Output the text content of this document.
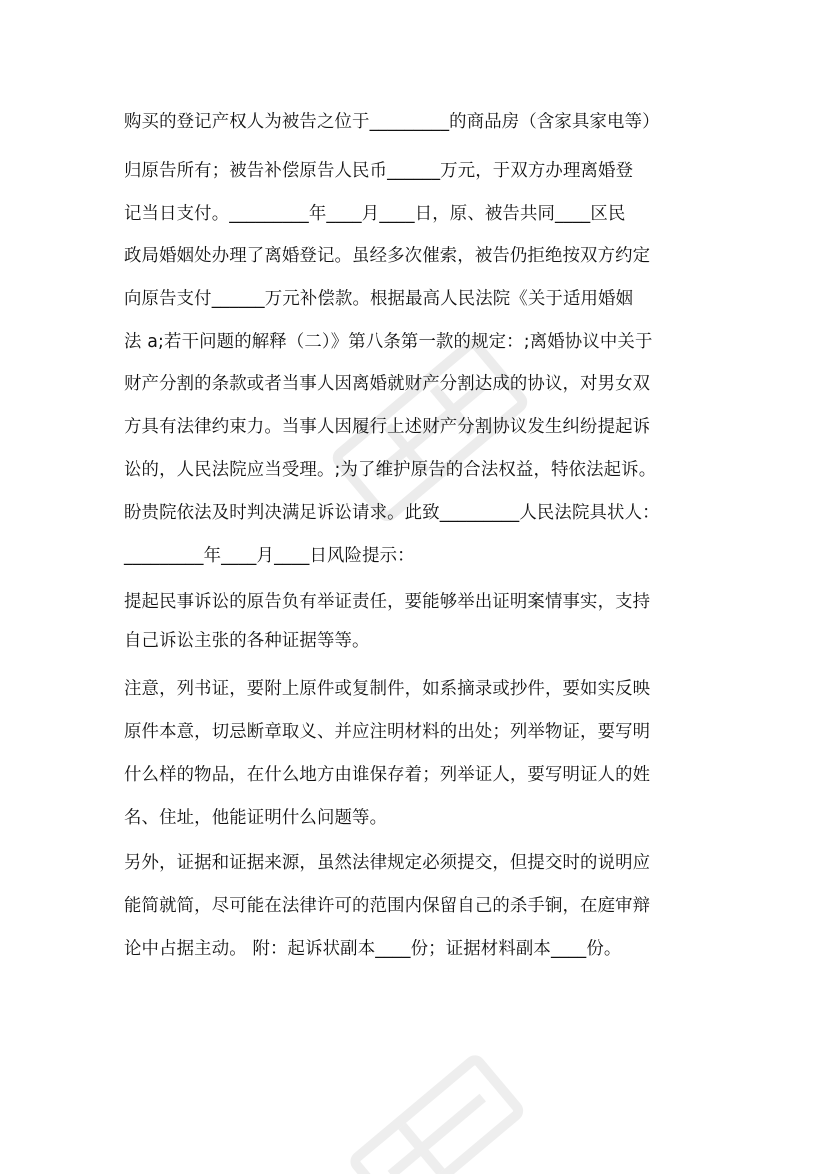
购买的登记产权人为被告之位于_________的商品房（含家具家电等）

归原告所有；被告补偿原告人民币______万元，于双方办理离婚登

记当日支付。_________年____月____日，原、被告共同____区民

政局婚姻处办理了离婚登记。虽经多次催索，被告仍拒绝按双方约定

向原告支付______万元补偿款。根据最高人民法院《关于适用婚姻

法 a;若干问题的解释（二）》第八条第一款的规定：;离婚协议中关于

财产分割的条款或者当事人因离婚就财产分割达成的协议，对男女双

方具有法律约束力。当事人因履行上述财产分割协议发生纠纷提起诉

讼的，人民法院应当受理。;为了维护原告的合法权益，特依法起诉。

盼贵院依法及时判决满足诉讼请求。此致_________人民法院具状人：

_________年____月____日风险提示：

提起民事诉讼的原告负有举证责任，要能够举出证明案情事实，支持

自己诉讼主张的各种证据等等。

注意，列书证，要附上原件或复制件，如系摘录或抄件，要如实反映

原件本意，切忌断章取义、并应注明材料的出处；列举物证，要写明

什么样的物品，在什么地方由谁保存着；列举证人，要写明证人的姓

名、住址，他能证明什么问题等。

另外，证据和证据来源，虽然法律规定必须提交，但提交时的说明应

能简就简，尽可能在法律许可的范围内保留自己的杀手锏，在庭审辩

论中占据主动。 附：起诉状副本____份；证据材料副本____份。
